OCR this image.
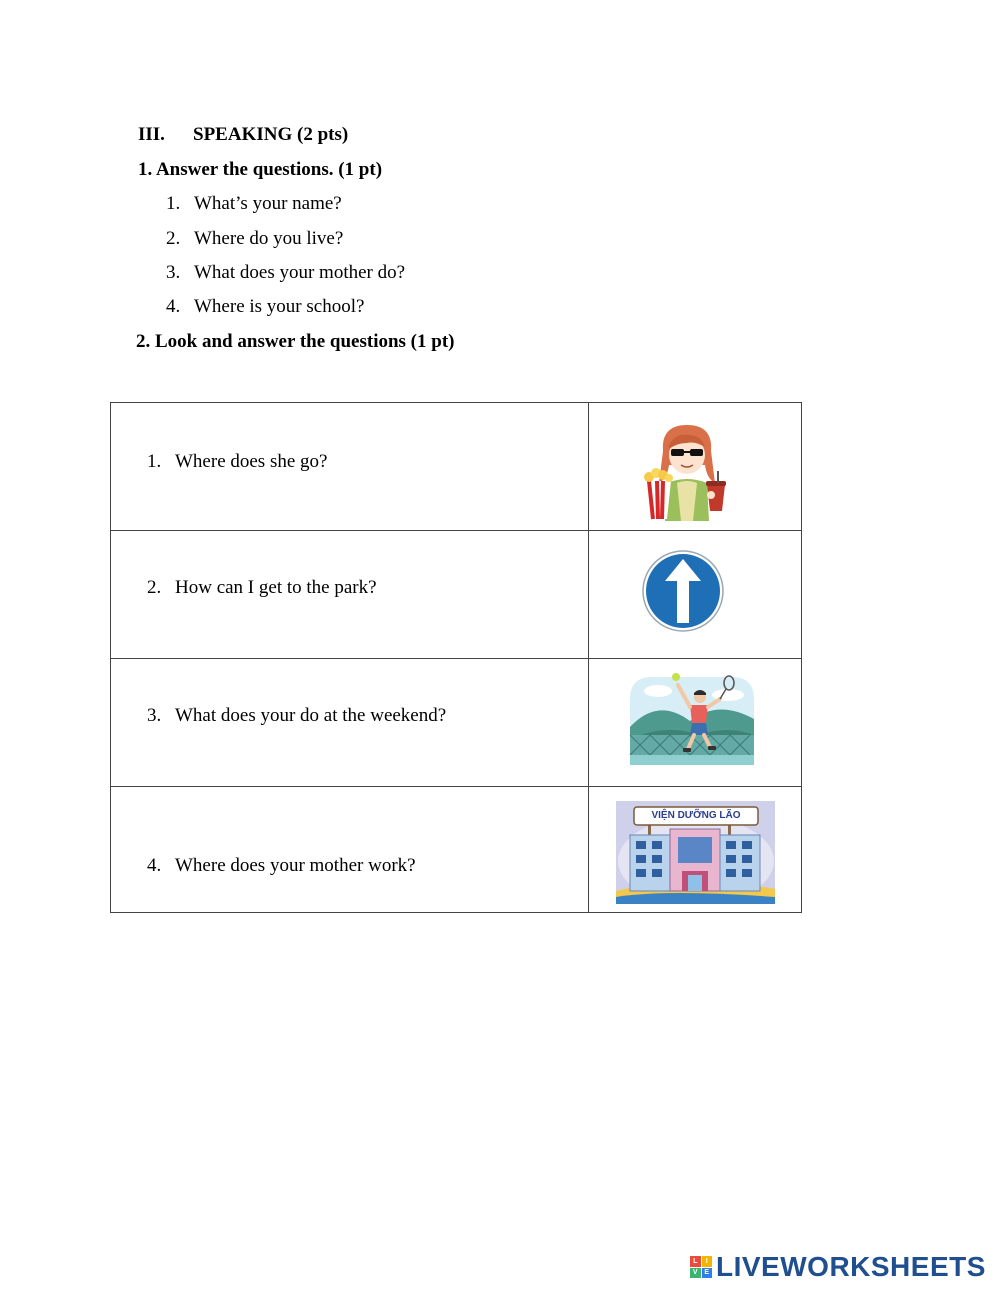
III. SPEAKING (2 pts)
1. Answer the questions. (1 pt)
1. What’s your name?
2. Where do you live?
3. What does your mother do?
4. Where is your school?
2. Look and answer the questions (1 pt)
1. Where does she go?
2. How can I get to the park?
3. What does your do at the weekend?
4. Where does your mother work?
VIỆN DƯỠNG LÃO
L	I
V E LIVEWORKSHEETS
